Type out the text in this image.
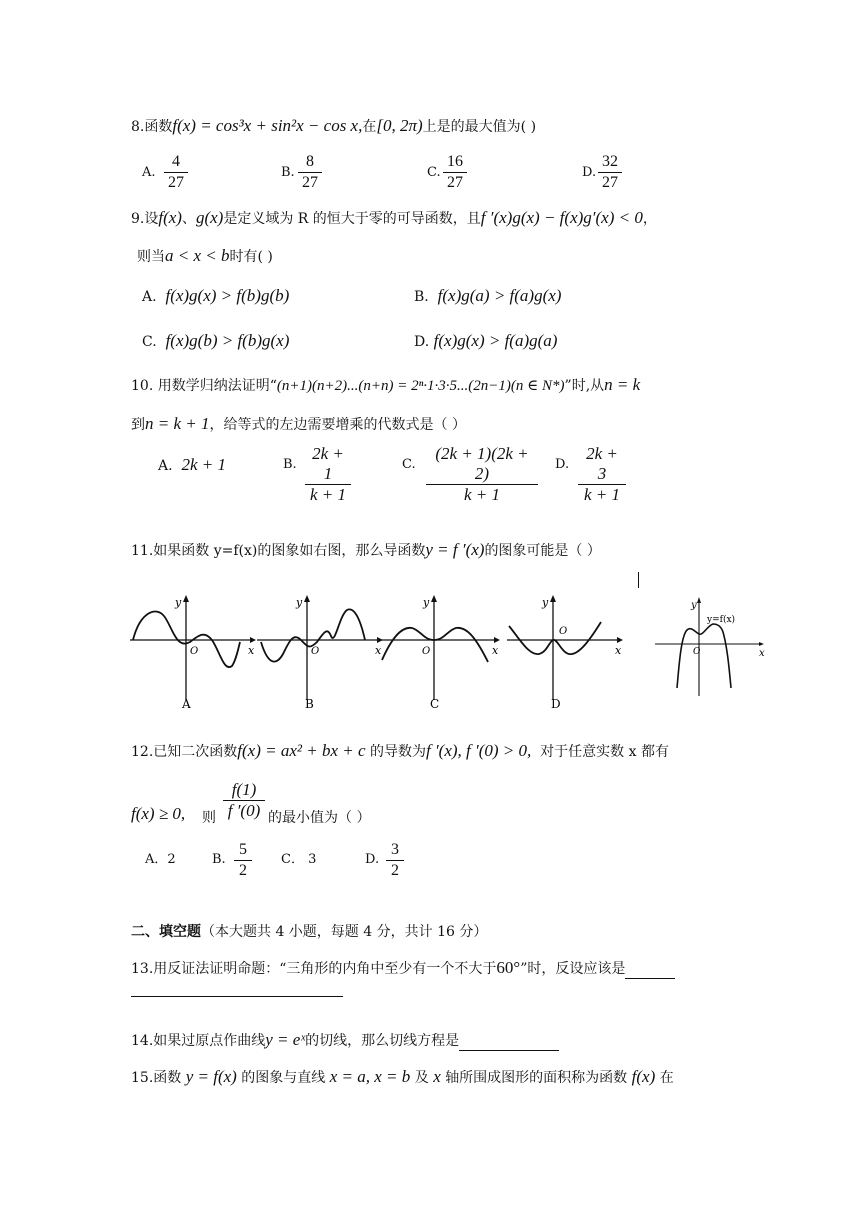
8.函数f(x) = cos³x + sin²x − cos x,在[0, 2π)上是的最大值为( )
A. $\frac{4}{27}$	B. $\frac{8}{27}$	C. $\frac{16}{27}$	D. $\frac{32}{27}$
9.设f(x)、g(x)是定义域为 R 的恒大于零的可导函数，且f ′(x)g(x) − f(x)g′(x) < 0，
则当a < x < b时有( )
A. f(x)g(x) > f(b)g(b)	B. f(x)g(a) > f(a)g(x)
C. f(x)g(b) > f(b)g(x)	D. f(x)g(x) > f(a)g(a)
10. 用数学归纳法证明“(n+1)(n+2)...(n+n) = 2ⁿ·1·3·5...(2n−1)(n ∈ N*)”时,从n = k
到n = k + 1，给等式的左边需要增乘的代数式是（ ）
A. 2k + 1	B. $\frac{2k + 1}{k + 1}$	C. $\frac{(2k + 1)(2k + 2)}{k + 1} D$. $\frac{2k + 3}{k + 1}$
11.如果函数 y=f(x)的图象如右图，那么导函数y = f ′(x)的图象可能是（ ）
y
x
O
A
y
x
O
B
y
x
O
C
y
x
O
D
y
x
O
y=f(x)
12.已知二次函数f(x) = ax² + bx + c 的导数为f ′(x), f ′(0) > 0, 对于任意实数 x 都有
f(x) ≥ 0, 则 $\frac{f(1)}{f '(0)}$ 的最小值为（ ）
A．2	B. $\frac{5}{2}$ C． 3	D. $\frac{3}{2}$
二、填空题（本大题共 4 小题，每题 4 分，共计 16 分）
13.用反证法证明命题：“三角形的内角中至少有一个不大于60°”时，反设应该是
14.如果过原点作曲线y = eˣ的切线，那么切线方程是
15.函数 y = f(x) 的图象与直线 x = a, x = b 及 x 轴所围成图形的面积称为函数 f(x) 在
